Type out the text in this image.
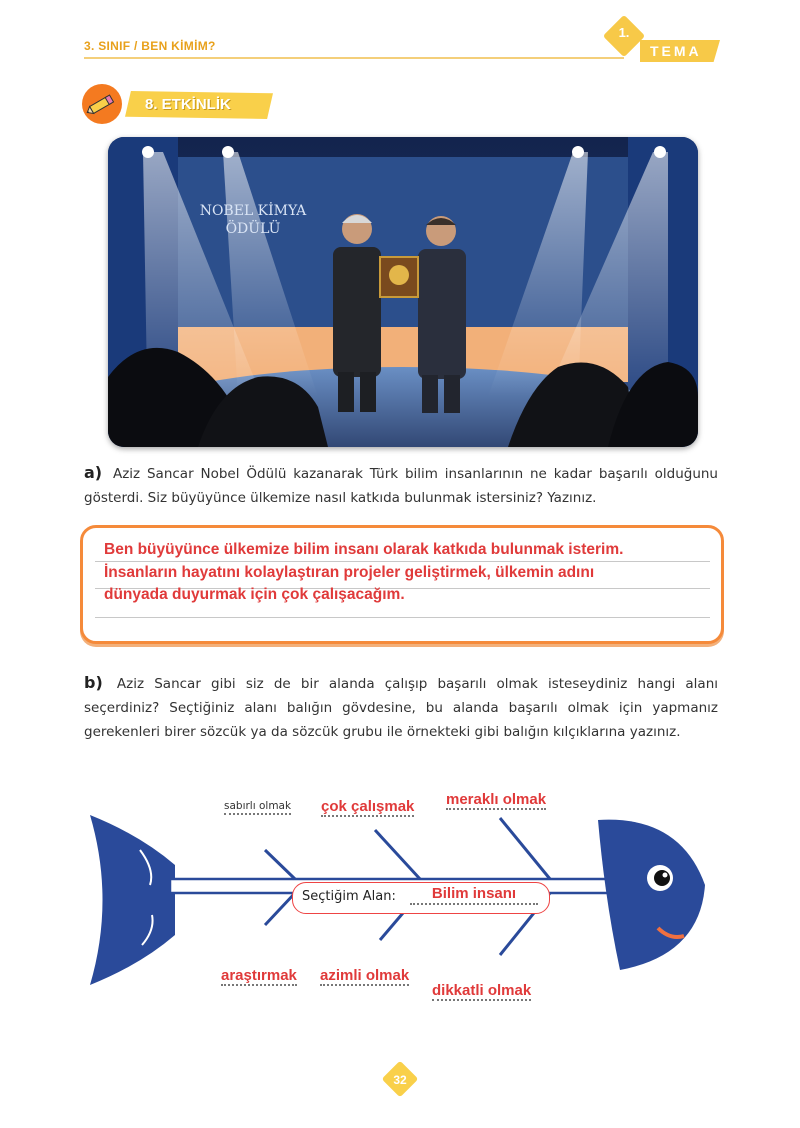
3. SINIF / BEN KİMİM?
1.
TEMA
8. ETKİNLİK
NOBEL KİMYA
ÖDÜLÜ
a) Aziz Sancar Nobel Ödülü kazanarak Türk bilim insanlarının ne kadar başarılı olduğunu gösterdi. Siz büyüyünce ülkemize nasıl katkıda bulunmak istersiniz? Yazınız.
Ben büyüyünce ülkemize bilim insanı olarak katkıda bulunmak isterim.
İnsanların hayatını kolaylaştıran projeler geliştirmek, ülkemin adını
dünyada duyurmak için çok çalışacağım.
b) Aziz Sancar gibi siz de bir alanda çalışıp başarılı olmak isteseydiniz hangi alanı seçerdiniz? Seçtiğiniz alanı balığın gövdesine, bu alanda başarılı olmak için yapmanız gerekenleri birer sözcük ya da sözcük grubu ile örnekteki gibi balığın kılçıklarına yazınız.
sabırlı olmak çok çalışmak meraklı olmak
araştırmak azimli olmak
dikkatli olmak
Seçtiğim Alan:	Bilim insanı
32
